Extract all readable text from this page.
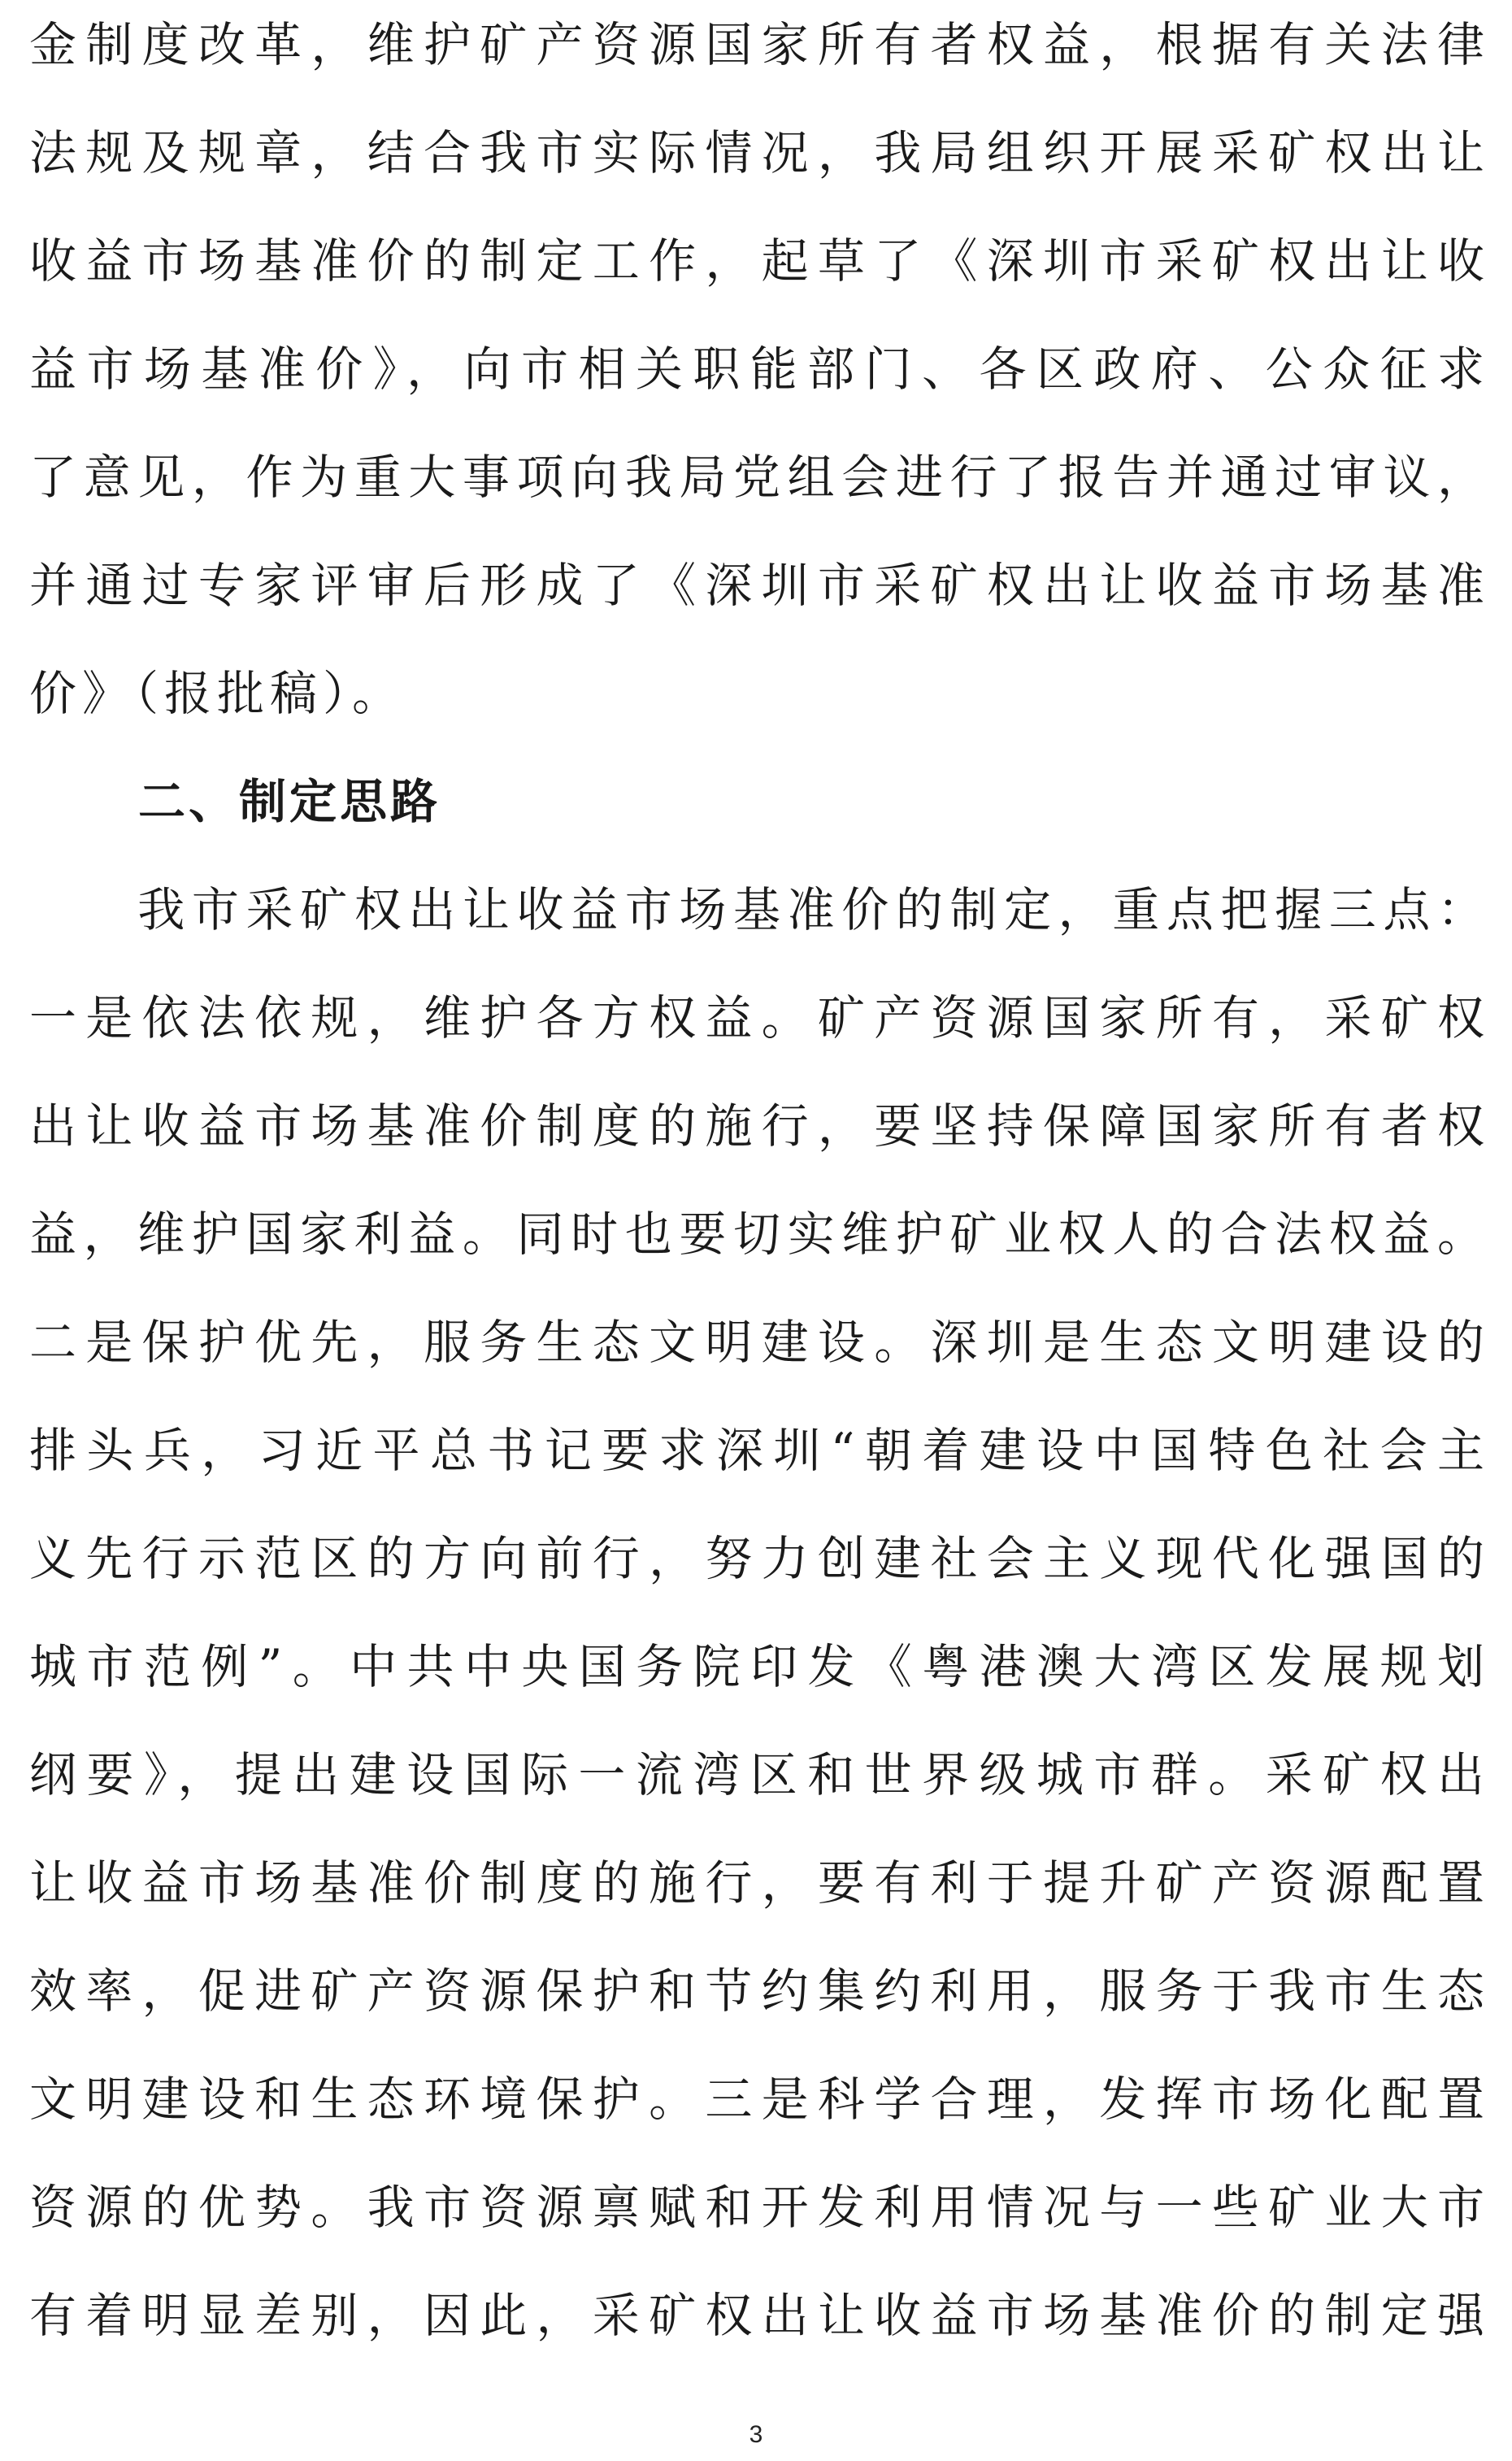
金制度改革，维护矿产资源国家所有者权益，根据有关法律
法规及规章，结合我市实际情况，我局组织开展采矿权出让
收益市场基准价的制定工作，起草了《深圳市采矿权出让收
益市场基准价》，向市相关职能部门、各区政府、公众征求
了意见，作为重大事项向我局党组会进行了报告并通过审议，
并通过专家评审后形成了《深圳市采矿权出让收益市场基准
价》（报批稿）。
二、制定思路
　　我市采矿权出让收益市场基准价的制定，重点把握三点：
一是依法依规，维护各方权益。矿产资源国家所有，采矿权
出让收益市场基准价制度的施行，要坚持保障国家所有者权
益，维护国家利益。同时也要切实维护矿业权人的合法权益。
二是保护优先，服务生态文明建设。深圳是生态文明建设的
排头兵，习近平总书记要求深圳“朝着建设中国特色社会主
义先行示范区的方向前行，努力创建社会主义现代化强国的
城市范例”。中共中央国务院印发《粤港澳大湾区发展规划
纲要》，提出建设国际一流湾区和世界级城市群。采矿权出
让收益市场基准价制度的施行，要有利于提升矿产资源配置
效率，促进矿产资源保护和节约集约利用，服务于我市生态
文明建设和生态环境保护。三是科学合理，发挥市场化配置
资源的优势。我市资源禀赋和开发利用情况与一些矿业大市
有着明显差别，因此，采矿权出让收益市场基准价的制定强
3
